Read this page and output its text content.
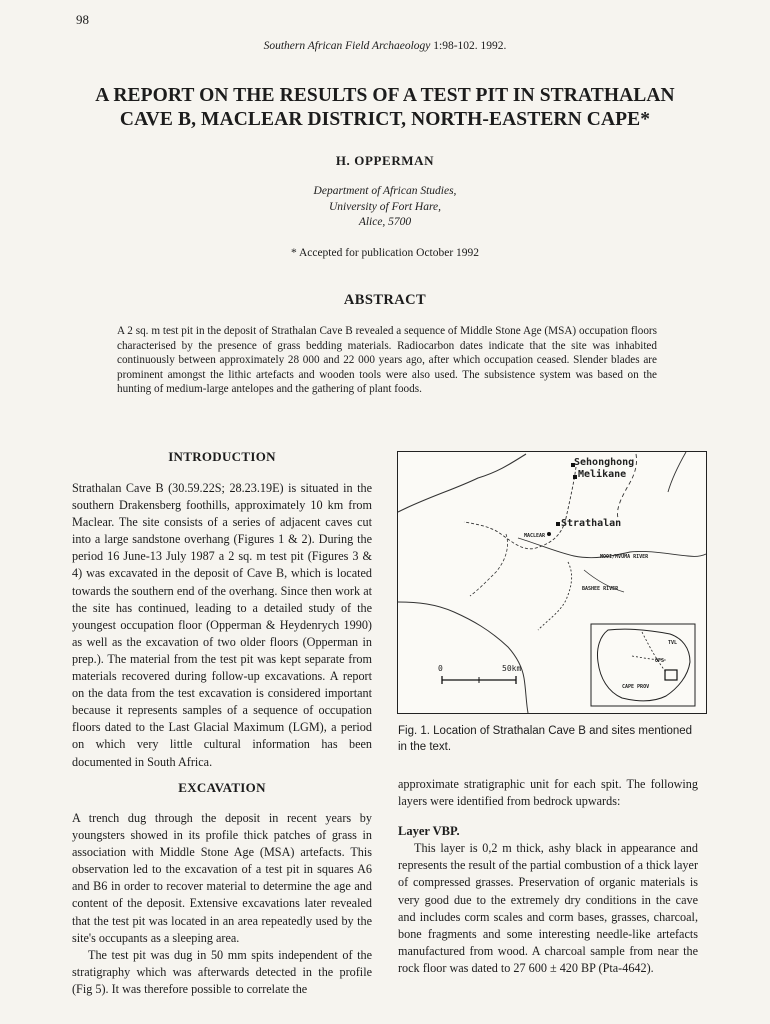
98
Southern African Field Archaeology 1:98-102. 1992.
A REPORT ON THE RESULTS OF A TEST PIT IN STRATHALAN
CAVE B, MACLEAR DISTRICT, NORTH-EASTERN CAPE*
H. OPPERMAN
Department of African Studies,
University of Fort Hare,
Alice, 5700
* Accepted for publication October 1992
ABSTRACT
A 2 sq. m test pit in the deposit of Strathalan Cave B revealed a sequence of Middle Stone Age (MSA) occupation floors characterised by the presence of grass bedding materials. Radiocarbon dates indicate that the site was inhabited continuously between approximately 28 000 and 22 000 years ago, after which occupation ceased. Slender blades are prominent amongst the lithic artefacts and wooden tools were also used. The subsistence system was based on the hunting of medium-large antelopes and the gathering of plant foods.
INTRODUCTION

Strathalan Cave B (30.59.22S; 28.23.19E) is situated in the southern Drakensberg foothills, approximately 10 km from Maclear. The site consists of a series of adjacent caves cut into a large sandstone overhang (Figures 1 & 2). During the period 16 June-13 July 1987 a 2 sq. m test pit (Figures 3 & 4) was excavated in the deposit of Cave B, which is located towards the southern end of the overhang. Since then work at the site has continued, leading to a detailed study of the youngest occupation floor (Opperman & Heydenrych 1990) as well as the excavation of two older floors (Opperman in prep.). The material from the test pit was kept separate from materials recovered during follow-up excavations. A report on the data from the test excavation is considered important because it represents samples of a sequence of occupation floors dated to the Last Glacial Maximum (LGM), a period on which very little cultural information has been documented in South Africa.

EXCAVATION

A trench dug through the deposit in recent years by youngsters showed in its profile thick patches of grass in association with Middle Stone Age (MSA) artefacts. This observation led to the excavation of a test pit in squares A6 and B6 in order to recover material to determine the age and content of the deposit. Extensive excavations later revealed that the test pit was located in an area repeatedly used by the site's occupants as a sleeping area.

The test pit was dug in 50 mm spits independent of the stratigraphy which was afterwards detected in the profile (Fig 5). It was therefore possible to correlate the

Sehonghong
Melikane
Strathalan
MACLEAR
MOOI/MVUMA RIVER
BASHEE RIVER
0	50km
TVL
OFS
CAPE PROV
Fig. 1. Location of Strathalan Cave B and sites mentioned in the text.

approximate stratigraphic unit for each spit. The following layers were identified from bedrock upwards:

Layer VBP.

This layer is 0,2 m thick, ashy black in appearance and represents the result of the partial combustion of a thick layer of compressed grasses. Preservation of organic materials is very good due to the extremely dry conditions in the cave and includes corm scales and corm bases, grasses, charcoal, bone fragments and some interesting needle-like artefacts manufactured from wood. A charcoal sample from near the rock floor was dated to 27 600 ± 420 BP (Pta-4642).
